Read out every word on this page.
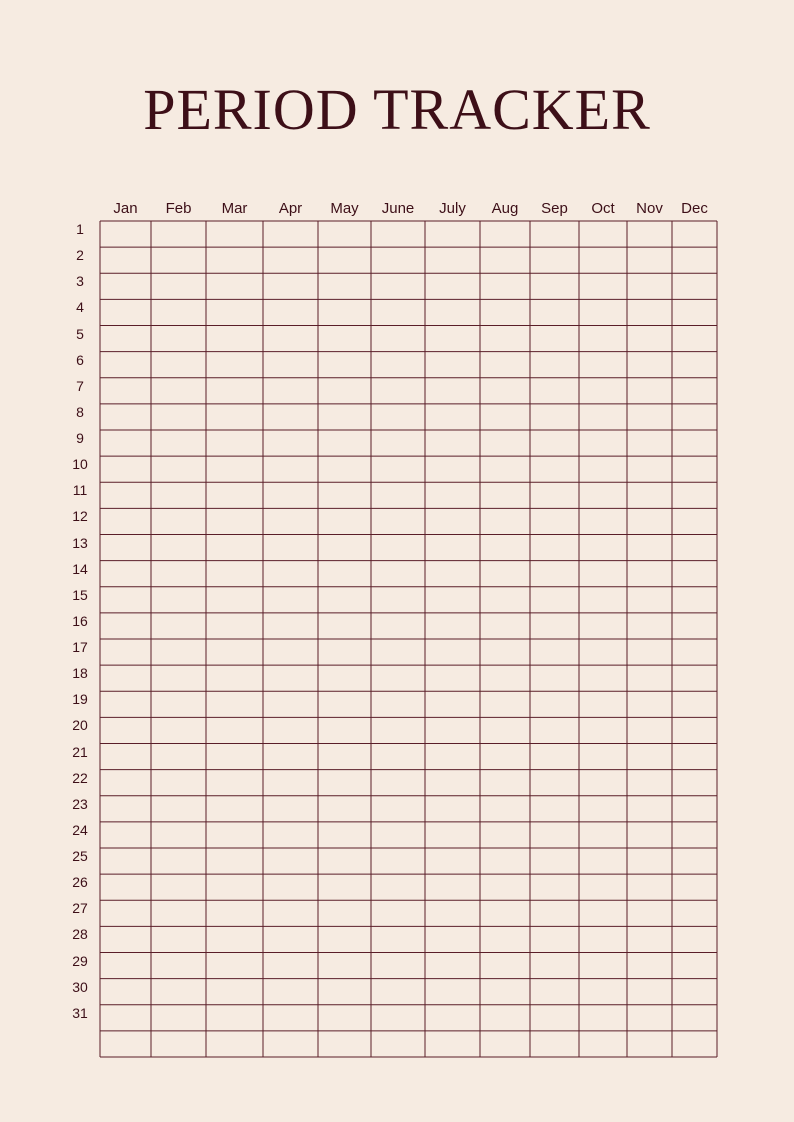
PERIOD TRACKER
Jan	Feb	Mar	Apr	May	June	July	Aug	Sep	Oct	Nov	Dec
1
2
3
4
5
6
7
8
9
10
11
12
13
14
15
16
17
18
19
20
21
22
23
24
25
26
27
28
29
30
31
